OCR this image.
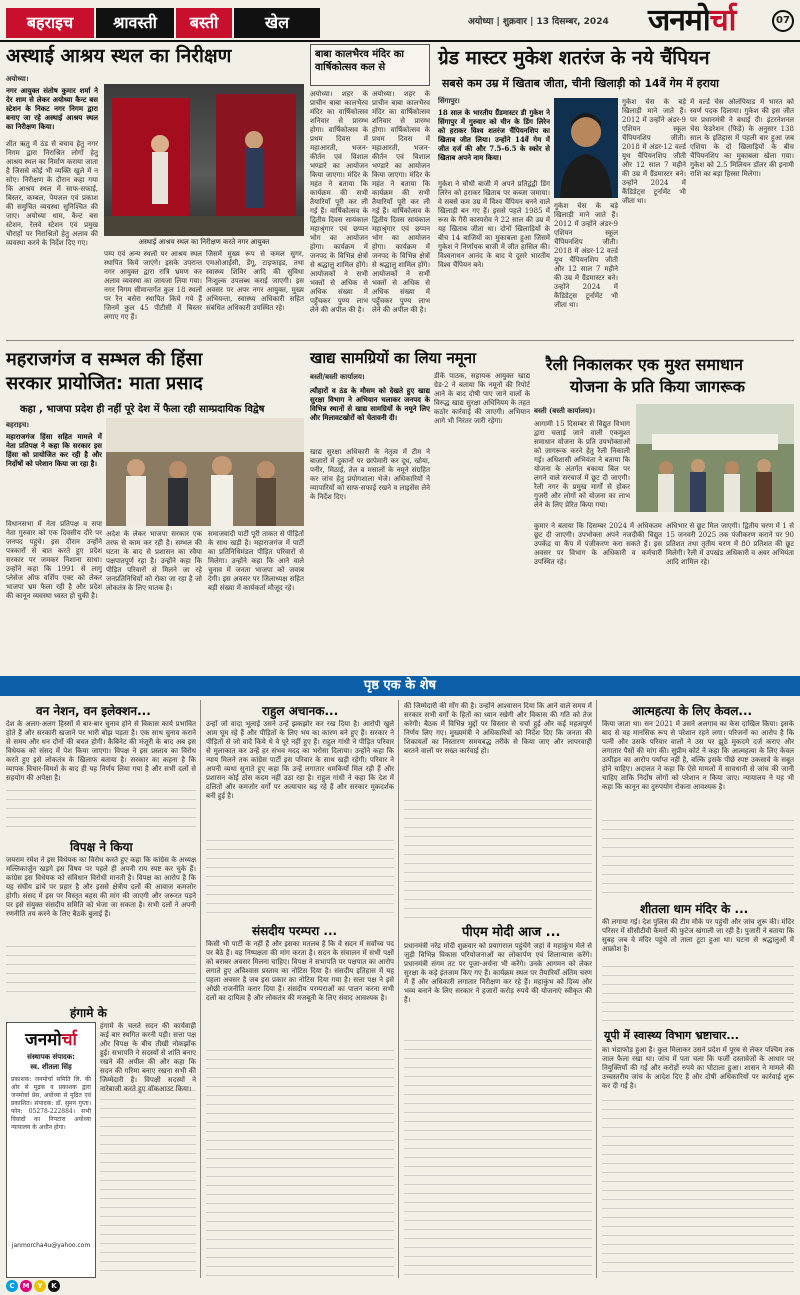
बहराइच	श्रावस्ती	बस्ती	खेल	अयोध्या | शुक्रवार | 13 दिसम्बर, 2024 जनमोर्चा	07
अस्थाई आश्रय स्थल का निरीक्षण
अयोध्या।
नगर आयुक्त संतोष कुमार शर्मा ने देर शाम से लेकर अयोध्या कैन्ट बस स्टेशन के निकट नगर निगम द्वारा बनाए जा रहे अस्थाई आश्रय स्थल का निरीक्षण किया।
शीत ऋतु में ठंड से बचाव हेतु नगर निगम द्वारा निराश्रित लोगों हेतु आश्रय स्थल का निर्माण कराया जाता है जिससे कोई भी व्यक्ति खुले में न सोए। निरीक्षण के दौरान कहा गया कि आश्रय स्थल में साफ-सफाई, बिस्तर, कम्बल, पेयजल एवं प्रकाश की समुचित व्यवस्था सुनिश्चित की जाए। अयोध्या धाम, कैन्ट बस स्टेशन, रेलवे स्टेशन एवं प्रमुख चौराहों पर निराश्रितों हेतु अलाव की व्यवस्था करने के निर्देश दिए गए।	अस्थाई आश्रय स्थल का निरीक्षण करते नगर आयुक्त
पम्प एवं अन्य स्थलों पर आश्रय स्थल स्थापित किये जाएंगे। इसके उपरान्त नगर आयुक्त द्वारा रात्रि भ्रमण कर अलाव व्यवस्था का जायजा लिया गया। नगर निगम सीमान्तर्गत कुल 18 स्थलों पर रैन बसेरा स्थापित किये गये हैं जिनमें कुल 45 पीटीसी में बिस्तर लगाए गए हैं।
जिसमें मुख्य रूप से कमल सुगर, एमओआईसी, डेंगू, टाइफाइड, तथा स्वास्थ्य शिविर आदि की सुविधा निःशुल्क उपलब्ध कराई जाएगी। इस अवसर पर अपर नगर आयुक्त, मुख्य अभियन्ता, स्वास्थ्य अधिकारी सहित संबंधित अधिकारी उपस्थित रहे।
बाबा कालभैरव मंदिर का वार्षिकोत्सव कल से
अयोध्या। शहर के प्राचीन बाबा कालभैरव मंदिर का वार्षिकोत्सव शनिवार से प्रारम्भ होगा। वार्षिकोत्सव के प्रथम दिवस में महाआरती, भजन-कीर्तन एवं विशाल भण्डारे का आयोजन किया जाएगा। मंदिर के महंत ने बताया कि कार्यक्रम की सभी तैयारियाँ पूरी कर ली गई हैं। वार्षिकोत्सव के द्वितीय दिवस सायंकाल महाश्रृंगार एवं छप्पन भोग का आयोजन होगा। कार्यक्रम में जनपद के विभिन्न क्षेत्रों से श्रद्धालु शामिल होंगे। आयोजकों ने सभी भक्तों से अधिक से अधिक संख्या में पहुँचकर पुण्य लाभ लेने की अपील की है।
अयोध्या। शहर के प्राचीन बाबा कालभैरव मंदिर का वार्षिकोत्सव शनिवार से प्रारम्भ होगा। वार्षिकोत्सव के प्रथम दिवस में महाआरती, भजन-कीर्तन एवं विशाल भण्डारे का आयोजन किया जाएगा। मंदिर के महंत ने बताया कि कार्यक्रम की सभी तैयारियाँ पूरी कर ली गई हैं। वार्षिकोत्सव के द्वितीय दिवस सायंकाल महाश्रृंगार एवं छप्पन भोग का आयोजन होगा। कार्यक्रम में जनपद के विभिन्न क्षेत्रों से श्रद्धालु शामिल होंगे। आयोजकों ने सभी भक्तों से अधिक से अधिक संख्या में पहुँचकर पुण्य लाभ लेने की अपील की है।
ग्रेड मास्टर मुकेश शतरंज के नये चैंपियन
सबसे कम उम्र में खिताब जीता, चीनी खिलाड़ी को 14वें गेम में हराया
सिंगापुर।
18 साल के भारतीय ग्रैंडमास्टर डी गुकेश ने सिंगापुर में गुरुवार को चीन के डिंग लिरेन को हराकर विश्व शतरंज चैंपियनशिप का खिताब जीत लिया। उन्होंने 14वें गेम में जीत दर्ज की और 7.5-6.5 के स्कोर से खिताब अपने नाम किया।
गुकेश ने चौथी बाजी में अपने प्रतिद्वंद्वी डिंग लिरेन को हराकर खिताब पर कब्जा जमाया। वे सबसे कम उम्र में विश्व चैंपियन बनने वाले खिलाड़ी बन गए हैं। इससे पहले 1985 में रूस के गैरी कास्परोव ने 22 साल की उम्र में यह खिताब जीता था। दोनों खिलाड़ियों के बीच 14 बाजियों का मुकाबला हुआ जिसमें गुकेश ने निर्णायक बाजी में जीत हासिल की। विश्वनाथन आनंद के बाद वे दूसरे भारतीय विश्व चैंपियन बने।
गुकेश चेस के बड़े खिलाड़ी माने जाते हैं। 2012 में उन्होंने अंडर-9 एशियन स्कूल चैंपियनशिप जीती। 2018 में अंडर-12 वर्ल्ड यूथ चैंपियनशिप जीती और 12 साल 7 महीने की उम्र में ग्रैंडमास्टर बने। उन्होंने 2024 में कैंडिडेट्स टूर्नामेंट भी जीता था।
गुकेश चेस के बड़े खिलाड़ी माने जाते हैं। 2012 में उन्होंने अंडर-9 एशियन स्कूल चैंपियनशिप जीती। 2018 में अंडर-12 वर्ल्ड यूथ चैंपियनशिप जीती और 12 साल 7 महीने की उम्र में ग्रैंडमास्टर बने। उन्होंने 2024 में कैंडिडेट्स टूर्नामेंट भी जीता था।
में वर्ल्ड चेस ओलंपियाड में भारत को स्वर्ण पदक दिलाया। गुकेश की इस जीत पर प्रधानमंत्री ने बधाई दी। इंटरनेशनल चेस फेडरेशन (फिडे) के अनुसार 138 साल के इतिहास में पहली बार हुआ जब एशिया के दो खिलाड़ियों के बीच चैंपियनशिप का मुकाबला खेला गया। गुकेश को 2.5 मिलियन डॉलर की इनामी राशि का बड़ा हिस्सा मिलेगा।
महराजगंज व सम्भल की हिंसा
सरकार प्रायोजित: माता प्रसाद
कहा , भाजपा प्रदेश ही नहीं पूरे देश में फैला रही साम्प्रदायिक विद्वेष
बहराइच।
महाराजगंज हिंसा सहित मामले में नेता प्रतिपक्ष ने कहा कि सरकार इस हिंसा को प्रायोजित कर रही है और निर्दोषों को परेशान किया जा रहा है।
विधानसभा में नेता प्रतिपक्ष व सपा नेता गुरुवार को एक दिवसीय दौरे पर जनपद पहुंचे। इस दौरान उन्होंने पत्रकारों से बात करते हुए प्रदेश सरकार पर जमकर निशाना साधा। उन्होंने कहा कि 1991 से लागू प्लेसेज ऑफ वर्शिप एक्ट को लेकर भाजपा भ्रम फैला रही है और प्रदेश की कानून व्यवस्था ध्वस्त हो चुकी है।
अदेश के लेकर भाजपा सरकार एक तरफ से काम कर रही है। सम्भल की घटना के बाद से प्रशासन का रवैया पक्षपातपूर्ण रहा है। उन्होंने कहा कि पीड़ित परिवारों से मिलने जा रहे जनप्रतिनिधियों को रोका जा रहा है जो लोकतंत्र के लिए घातक है।
समाजवादी पार्टी पूरी ताकत से पीड़ितों के साथ खड़ी है। महाराजगंज में पार्टी का प्रतिनिधिमंडल पीड़ित परिवारों से मिलेगा। उन्होंने कहा कि आने वाले चुनाव में जनता भाजपा को जवाब देगी। इस अवसर पर जिलाध्यक्ष सहित बड़ी संख्या में कार्यकर्ता मौजूद रहे।
खाद्य सामग्रियों का लिया नमूना
बस्ती/बस्ती कार्यालय।
त्यौहारों व ठंड के मौसम को देखते हुए खाद्य सुरक्षा विभाग ने अभियान चलाकर जनपद के विभिन्न स्थानों से खाद्य सामग्रियों के नमूने लिए और मिलावटखोरों को चेतावनी दी।
खाद्य सुरक्षा अधिकारी के नेतृत्व में टीम ने बाजारों में दुकानों पर छापेमारी कर दूध, खोया, पनीर, मिठाई, तेल व मसालों के नमूने संग्रहित कर जांच हेतु प्रयोगशाला भेजे। अधिकारियों ने व्यापारियों को साफ-सफाई रखने व लाइसेंस लेने के निर्देश दिए।
डीके पाठक, सहायक आयुक्त खाद्य ग्रेड-2 ने बताया कि नमूनों की रिपोर्ट आने के बाद दोषी पाए जाने वालों के विरुद्ध खाद्य सुरक्षा अधिनियम के तहत कठोर कार्रवाई की जाएगी। अभियान आगे भी निरंतर जारी रहेगा।
रैली निकालकर एक मुश्त समाधान
योजना के प्रति किया जागरूक
बस्ती (बस्ती कार्यालय)।
आगामी 15 दिसम्बर से विद्युत विभाग द्वारा चलाई जाने वाली एकमुश्त समाधान योजना के प्रति उपभोक्ताओं को जागरूक करने हेतु रैली निकाली गई। अधिशासी अभियंता ने बताया कि योजना के अंतर्गत बकाया बिल पर लगने वाले सरचार्ज में छूट दी जाएगी। रैली नगर के प्रमुख मार्गों से होकर गुजरी और लोगों को योजना का लाभ लेने के लिए प्रेरित किया गया।
कुमार ने बताया कि दिसम्बर 2024 में अधिकतम छूट दी जाएगी। उपभोक्ता अपने नजदीकी विद्युत उपकेंद्र या कैंप में पंजीकरण करा सकते हैं। इस अवसर पर विभाग के अधिकारी व कर्मचारी उपस्थित रहे।
अधिभार से छूट मिल जाएगी। द्वितीय चरण में 1 से 15 जनवरी 2025 तक पंजीकरण कराने पर 90 प्रतिशत तथा तृतीय चरण में 80 प्रतिशत की छूट मिलेगी। रैली में उपखंड अधिकारी व अवर अभियंता आदि शामिल रहे।
पृष्ठ एक के शेष
वन नेशन, वन इलेक्शन...
देश के अलग-अलग हिस्सों में बार-बार चुनाव होने से विकास कार्य प्रभावित होते हैं और सरकारी खजाने पर भारी बोझ पड़ता है। एक साथ चुनाव कराने से समय और धन दोनों की बचत होगी। कैबिनेट की मंजूरी के बाद अब इस विधेयक को संसद में पेश किया जाएगा। विपक्ष ने इस प्रस्ताव का विरोध करते हुए इसे लोकतंत्र के खिलाफ बताया है। सरकार का कहना है कि व्यापक विचार-विमर्श के बाद ही यह निर्णय लिया गया है और सभी दलों से सहयोग की अपेक्षा है।
विपक्ष ने किया
जयराम रमेश ने इस विधेयक का विरोध करते हुए कहा कि कांग्रेस के अध्यक्ष मल्लिकार्जुन खड़गे इस विषय पर पहले ही अपनी राय स्पष्ट कर चुके हैं। कांग्रेस इस विधेयक को संविधान विरोधी मानती है। विपक्ष का आरोप है कि यह संघीय ढांचे पर प्रहार है और इससे क्षेत्रीय दलों की आवाज कमजोर होगी। संसद में इस पर विस्तृत बहस की मांग की जाएगी और जरूरत पड़ने पर इसे संयुक्त संसदीय समिति को भेजा जा सकता है। सभी दलों ने अपनी रणनीति तय करने के लिए बैठकें बुलाई हैं।
हंगामे के
जनमोर्चा
संस्थापक संपादक:
स्व. शीतला सिंह
प्रकाशक: जनमोर्चा समिति लि. की ओर से मुद्रक व प्रकाशक द्वारा जनमोर्चा प्रेस, अयोध्या से मुद्रित एवं प्रकाशित। संपादक: डॉ. सुमन गुप्ता। फोन: 05278-222884। सभी विवादों का निपटारा अयोध्या न्यायालय के अधीन होगा।
janmorcha4u@yahoo.com
हंगामे के चलते सदन की कार्यवाही कई बार स्थगित करनी पड़ी। सत्ता पक्ष और विपक्ष के बीच तीखी नोकझोंक हुई। सभापति ने सदस्यों से शांति बनाए रखने की अपील की और कहा कि सदन की गरिमा बनाए रखना सभी की जिम्मेदारी है। विपक्षी सदस्यों ने नारेबाजी करते हुए वॉकआउट किया।
राहुल अचानक...
उन्हों जो वादा भूलाई उसने उन्हें झकझोर कर रख दिया है। आरोपी खुले आम घूम रहे हैं और पीड़ितों के लिए भय का कारण बने हुए हैं। सरकार ने पीड़ितों से जो वादे किये थे वे पूरे नहीं हुए हैं। राहुल गांधी ने पीड़ित परिवार से मुलाकात कर उन्हें हर संभव मदद का भरोसा दिलाया। उन्होंने कहा कि न्याय मिलने तक कांग्रेस पार्टी इस परिवार के साथ खड़ी रहेगी। परिवार ने अपनी व्यथा सुनाते हुए कहा कि उन्हें लगातार धमकियाँ मिल रही हैं और प्रशासन कोई ठोस कदम नहीं उठा रहा है। राहुल गांधी ने कहा कि देश में दलितों और कमजोर वर्गों पर अत्याचार बढ़ रहे हैं और सरकार मूकदर्शक बनी हुई है।
संसदीय परम्परा ...
किसी भी पार्टी के नहीं हैं और इसका मतलब है कि वे सदन में सर्वोच्च पद पर बैठे हैं। यह निष्पक्षता की मांग करता है। सदन के संचालन में सभी पक्षों को बराबर अवसर मिलना चाहिए। विपक्ष ने सभापति पर पक्षपात का आरोप लगाते हुए अविश्वास प्रस्ताव का नोटिस दिया है। संसदीय इतिहास में यह पहला अवसर है जब इस प्रकार का नोटिस दिया गया है। सत्ता पक्ष ने इसे ओछी राजनीति करार दिया है। संसदीय परम्पराओं का पालन करना सभी दलों का दायित्व है और लोकतंत्र की मजबूती के लिए संवाद आवश्यक है।
की जिम्मेदारी की माँग की है। उन्होंने आश्वासन दिया कि आने वाले समय में सरकार सभी वर्गों के हितों का ध्यान रखेगी और विकास की गति को तेज करेगी। बैठक में विभिन्न मुद्दों पर विस्तार से चर्चा हुई और कई महत्वपूर्ण निर्णय लिए गए। मुख्यमंत्री ने अधिकारियों को निर्देश दिए कि जनता की शिकायतों का निस्तारण समयबद्ध तरीके से किया जाए और लापरवाही बरतने वालों पर सख्त कार्रवाई हो।
पीएम मोदी आज ...
प्रधानमंत्री नरेंद्र मोदी शुक्रवार को प्रयागराज पहुंचेंगे जहां वे महाकुंभ मेले से जुड़ी विभिन्न विकास परियोजनाओं का लोकार्पण एवं शिलान्यास करेंगे। प्रधानमंत्री संगम तट पर पूजा-अर्चना भी करेंगे। उनके आगमन को लेकर सुरक्षा के कड़े इंतजाम किए गए हैं। कार्यक्रम स्थल पर तैयारियाँ अंतिम चरण में हैं और अधिकारी लगातार निरीक्षण कर रहे हैं। महाकुंभ को दिव्य और भव्य बनाने के लिए सरकार ने हजारों करोड़ रुपये की योजनाएं स्वीकृत की हैं।
आत्महत्या के लिए केवल...
किया जाता था। सन 2021 में उसने अलगाव का केस दाखिल किया। इसके बाद से वह मानसिक रूप से परेशान रहने लगा। परिजनों का आरोप है कि पत्नी और उसके परिवार वालों ने उस पर झूठे मुकदमे दर्ज कराए और लगातार पैसों की मांग की। सुप्रीम कोर्ट ने कहा कि आत्महत्या के लिए केवल उत्पीड़न का आरोप पर्याप्त नहीं है, बल्कि इसके पीछे स्पष्ट उकसावे के सबूत होने चाहिए। अदालत ने कहा कि ऐसे मामलों में सावधानी से जांच की जानी चाहिए ताकि निर्दोष लोगों को परेशान न किया जाए। न्यायालय ने यह भी कहा कि कानून का दुरुपयोग रोकना आवश्यक है।
शीतला धाम मंदिर के ...
की लगाया गई। देश पुलिस की टीम मौके पर पहुंची और जांच शुरू की। मंदिर परिसर में सीसीटीवी कैमरों की फुटेज खंगाली जा रही है। पुजारी ने बताया कि सुबह जब वे मंदिर पहुंचे तो ताला टूटा हुआ था। घटना से श्रद्धालुओं में आक्रोश है।
यूपी में स्वास्थ्य विभाग भ्रष्टाचार...
का भंडाफोड़ हुआ है। कुल मिलाकर उसने प्रदेश में पूरब से लेकर पश्चिम तक जाल फैला रखा था। जांच में पता चला कि फर्जी दस्तावेजों के आधार पर नियुक्तियाँ की गईं और करोड़ों रुपये का घोटाला हुआ। शासन ने मामले की उच्चस्तरीय जांच के आदेश दिए हैं और दोषी अधिकारियों पर कार्रवाई शुरू कर दी गई है।
C	M	Y	K
